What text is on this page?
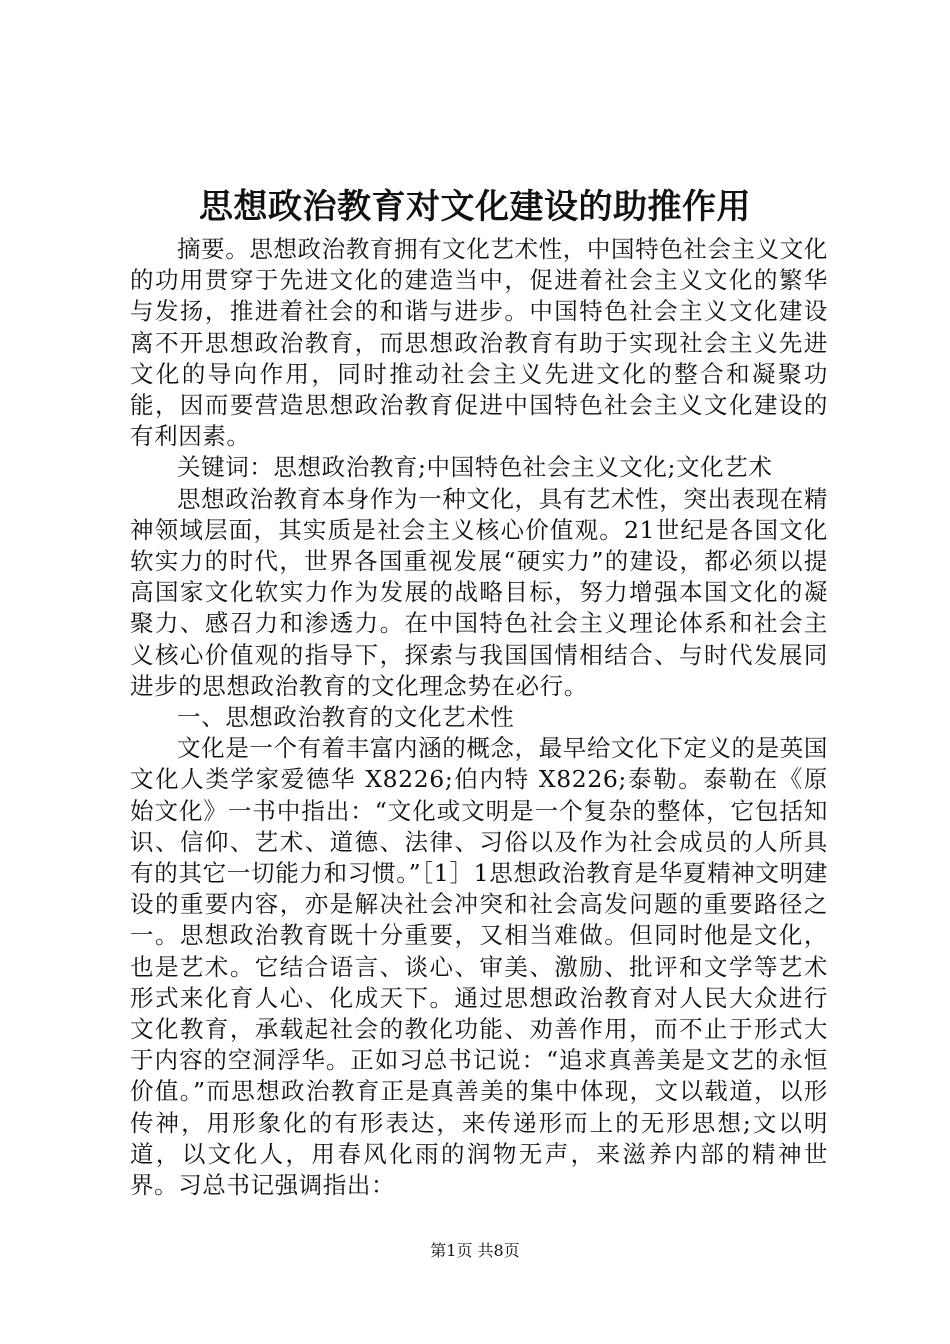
思想政治教育对文化建设的助推作用

摘要。思想政治教育拥有文化艺术性，中国特色社会主义文化的功用贯穿于先进文化的建造当中，促进着社会主义文化的繁华与发扬，推进着社会的和谐与进步。中国特色社会主义文化建设离不开思想政治教育，而思想政治教育有助于实现社会主义先进文化的导向作用，同时推动社会主义先进文化的整合和凝聚功能，因而要营造思想政治教育促进中国特色社会主义文化建设的有利因素。

关键词：思想政治教育;中国特色社会主义文化;文化艺术

思想政治教育本身作为一种文化，具有艺术性，突出表现在精神领域层面，其实质是社会主义核心价值观。21世纪是各国文化软实力的时代，世界各国重视发展“硬实力”的建设，都必须以提高国家文化软实力作为发展的战略目标，努力增强本国文化的凝聚力、感召力和渗透力。在中国特色社会主义理论体系和社会主义核心价值观的指导下，探索与我国国情相结合、与时代发展同进步的思想政治教育的文化理念势在必行。

一、思想政治教育的文化艺术性

文化是一个有着丰富内涵的概念，最早给文化下定义的是英国文化人类学家爱德华 X8226;伯内特 X8226;泰勒。泰勒在《原始文化》一书中指出：“文化或文明是一个复杂的整体，它包括知识、信仰、艺术、道德、法律、习俗以及作为社会成员的人所具有的其它一切能力和习惯。”［1］1思想政治教育是华夏精神文明建设的重要内容，亦是解决社会冲突和社会高发问题的重要路径之一。思想政治教育既十分重要，又相当难做。但同时他是文化，也是艺术。它结合语言、谈心、审美、激励、批评和文学等艺术形式来化育人心、化成天下。通过思想政治教育对人民大众进行文化教育，承载起社会的教化功能、劝善作用，而不止于形式大于内容的空洞浮华。正如习总书记说：“追求真善美是文艺的永恒价值。”而思想政治教育正是真善美的集中体现，文以载道，以形传神，用形象化的有形表达，来传递形而上的无形思想;文以明道，以文化人，用春风化雨的润物无声，来滋养内部的精神世界。习总书记强调指出：

第1页 共8页
